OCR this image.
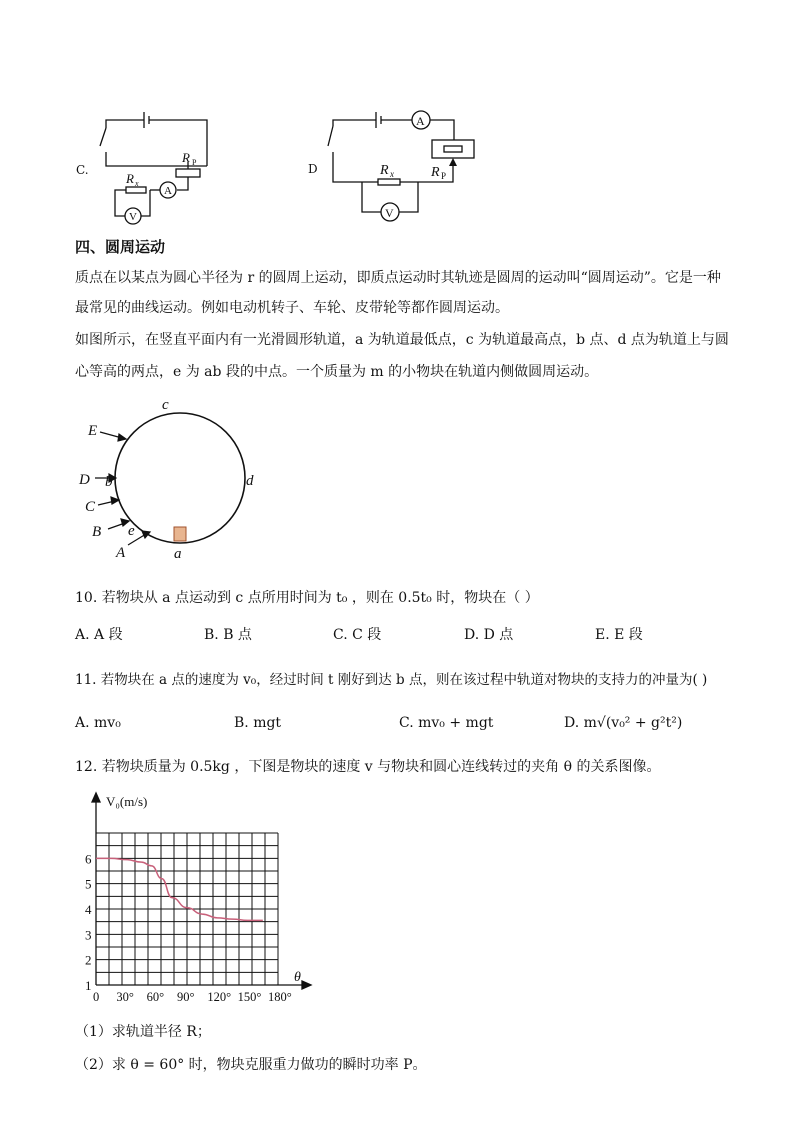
A
V
R P
R x
C.
A
V
R x	R P
D
四、圆周运动
质点在以某点为圆心半径为 r 的圆周上运动，即质点运动时其轨迹是圆周的运动叫“圆周运动”。它是一种
最常见的曲线运动。例如电动机转子、车轮、皮带轮等都作圆周运动。
如图所示，在竖直平面内有一光滑圆形轨道，a 为轨道最低点，c 为轨道最高点，b 点、d 点为轨道上与圆
心等高的两点，e 为 ab 段的中点。一个质量为 m 的小物块在轨道内侧做圆周运动。
c
d
b
e
a
E
D
C
B
A
10. 若物块从 a 点运动到 c 点所用时间为 t₀ ，则在 0.5t₀ 时，物块在（ ）
A. A 段	B. B 点	C. C 段	D. D 点	E. E 段
11. 若物块在 a 点的速度为 v₀，经过时间 t 刚好到达 b 点，则在该过程中轨道对物块的支持力的冲量为( )
A. mv₀	B. mgt	C. mv₀ + mgt	D. m√(v₀² + g²t²)
12. 若物块质量为 0.5kg ，下图是物块的速度 v 与物块和圆心连线转过的夹角 θ 的关系图像。
1
2
3
4
5
6
0 30° 60° 90° 120° 150° 180°
V₀(m/s)
θ
（1）求轨道半径 R；
（2）求 θ = 60° 时，物块克服重力做功的瞬时功率 P。
